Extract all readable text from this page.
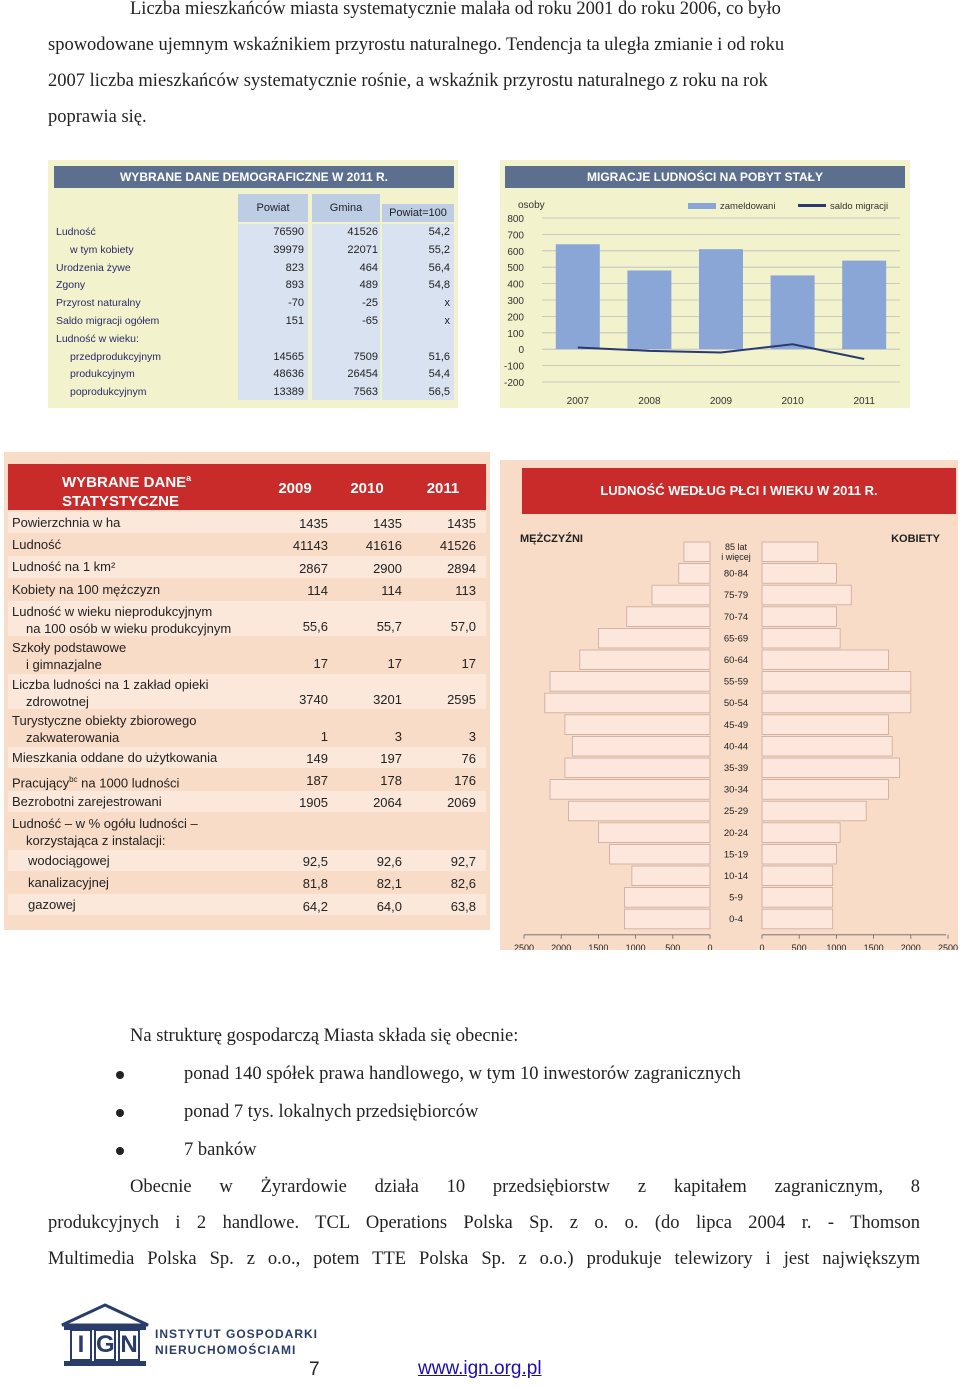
Liczba mieszkańców miasta systematycznie malała od roku 2001 do roku 2006, co było
spowodowane ujemnym wskaźnikiem przyrostu naturalnego. Tendencja ta uległa zmianie i od roku
2007 liczba mieszkańców systematycznie rośnie, a wskaźnik przyrostu naturalnego z roku na rok
poprawia się.
WYBRANE DANE DEMOGRAFICZNE W 2011 R.
Powiat	Gmina	Powiat=100
Ludność	76590	41526	54,2
w tym kobiety	39979	22071	55,2
Urodzenia żywe	823	464	56,4
Zgony	893	489	54,8
Przyrost naturalny	-70	-25	x
Saldo migracji ogółem	151	-65	x
Ludność w wieku:
przedprodukcyjnym	14565	7509	51,6
produkcyjnym	48636	26454	54,4
poprodukcyjnym	13389	7563	56,5
MIGRACJE LUDNOŚCI NA POBYT STAŁY
osoby
800
700
600
500
400
300
200
100
0
-100
-200
2007	2008	2009	2010	2011
zameldowani	saldo migracji
WYBRANE DANE$^a$
STATYSTYCZNE
2009	2010	2011
Powierzchnia w ha	1435	1435	1435
Ludność	41143	41616	41526
Ludność na 1 km²	2867	2900	2894
Kobiety na 100 mężczyzn	114	114	113
Ludność w wieku nieprodukcyjnym
na 100 osób w wieku produkcyjnym	55,6	55,7	57,0
Szkoły podstawowe
i gimnazjalne	17	17	17
Liczba ludności na 1 zakład opieki
zdrowotnej	3740	3201	2595
Turystyczne obiekty zbiorowego
zakwaterowania	1	3	3
Mieszkania oddane do użytkowania	149	197	76
Pracujący$^{bc}$ na 1000 ludności	187	178	176
Bezrobotni zarejestrowani	1905	2064	2069
Ludność – w % ogółu ludności –
korzystająca z instalacji:
wodociągowej	92,5	92,6	92,7
kanalizacyjnej	81,8	82,1	82,6
gazowej	64,2	64,0	63,8
LUDNOŚĆ WEDŁUG PŁCI I WIEKU W 2011 R.
MĘŻCZYŹNI	KOBIETY
85 lat
i więcej
80-84
75-79
70-74
65-69
60-64
55-59
50-54
45-49
40-44
35-39
30-34
25-29
20-24
15-19
10-14
5-9
0-4
2500 2000 1500 1000 500	0	0	500 1000 1500 2000 2500
Na strukturę gospodarczą Miasta składa się obecnie:
ponad 140 spółek prawa handlowego, w tym 10 inwestorów zagranicznych
ponad 7 tys. lokalnych przedsiębiorców
7 banków
Obecnie w Żyrardowie działa 10 przedsiębiorstw z kapitałem zagranicznym, 8
produkcyjnych i 2 handlowe. TCL Operations Polska Sp. z o. o. (do lipca 2004 r. - Thomson
Multimedia Polska Sp. z o.o., potem TTE Polska Sp. z o.o.) produkuje telewizory i jest największym
I G N INSTYTUT GOSPODARKI
NIERUCHOMOŚCIAMI
7	www.ign.org.pl
